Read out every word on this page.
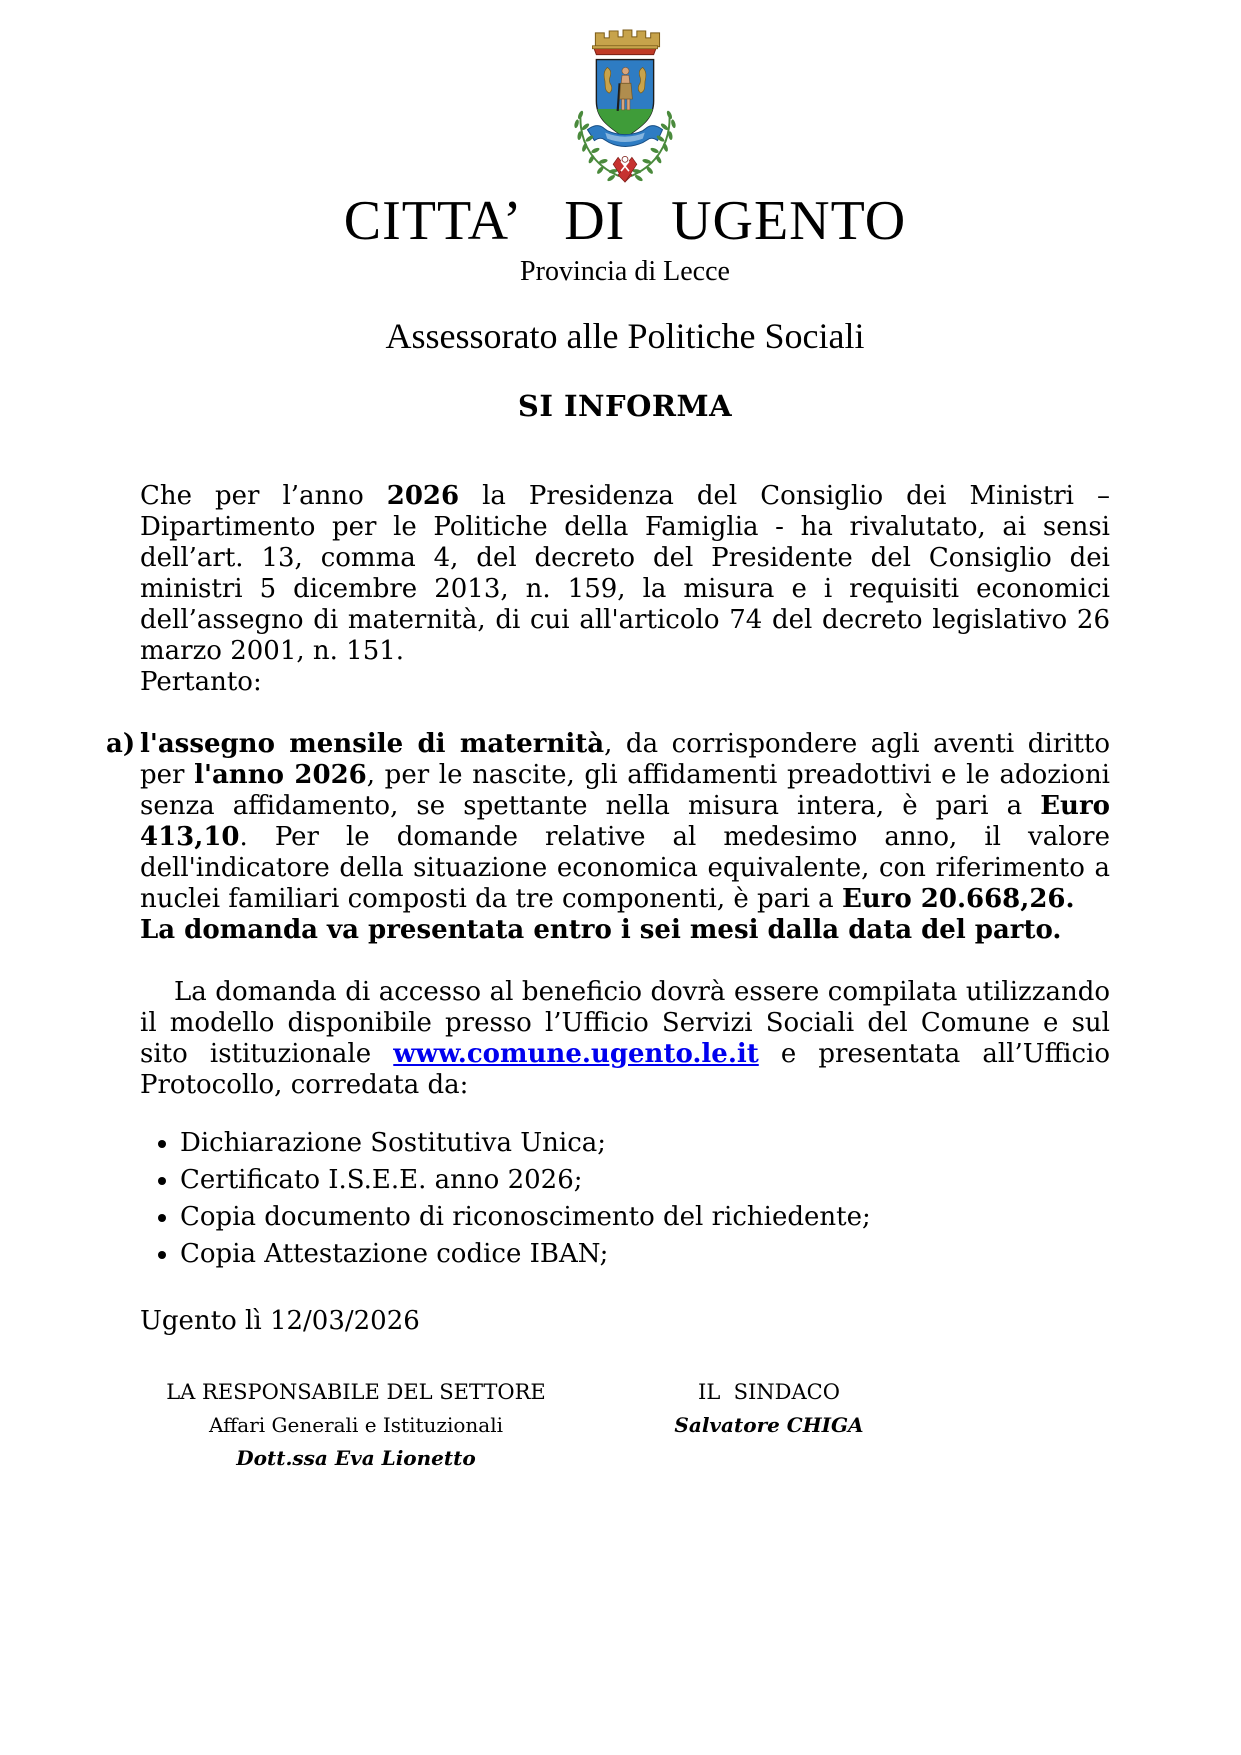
CITTA’ DI UGENTO
Provincia di Lecce
Assessorato alle Politiche Sociali
SI INFORMA
Che per l’anno 2026 la Presidenza del Consiglio dei Ministri – Dipartimento per le Politiche della Famiglia - ha rivalutato, ai sensi dell’art. 13, comma 4, del decreto del Presidente del Consiglio dei ministri 5 dicembre 2013, n. 159, la misura e i requisiti economici dell’assegno di maternità, di cui all'articolo 74 del decreto legislativo 26 marzo 2001, n. 151.
Pertanto:
a) l'assegno mensile di maternità, da corrispondere agli aventi diritto per l'anno 2026, per le nascite, gli affidamenti preadottivi e le adozioni senza affidamento, se spettante nella misura intera, è pari a Euro 413,10. Per le domande relative al medesimo anno, il valore dell'indicatore della situazione economica equivalente, con riferimento a nuclei familiari composti da tre componenti, è pari a Euro 20.668,26.
La domanda va presentata entro i sei mesi dalla data del parto.
La domanda di accesso al beneficio dovrà essere compilata utilizzando il modello disponibile presso l’Ufficio Servizi Sociali del Comune e sul sito istituzionale www.comune.ugento.le.it e presentata all’Ufficio Protocollo, corredata da:
• Dichiarazione Sostitutiva Unica;
• Certificato I.S.E.E. anno 2026;
• Copia documento di riconoscimento del richiedente;
• Copia Attestazione codice IBAN;
Ugento lì 12/03/2026
LA RESPONSABILE DEL SETTORE
Affari Generali e Istituzionali
Dott.ssa Eva Lionetto
IL  SINDACO
Salvatore CHIGA
